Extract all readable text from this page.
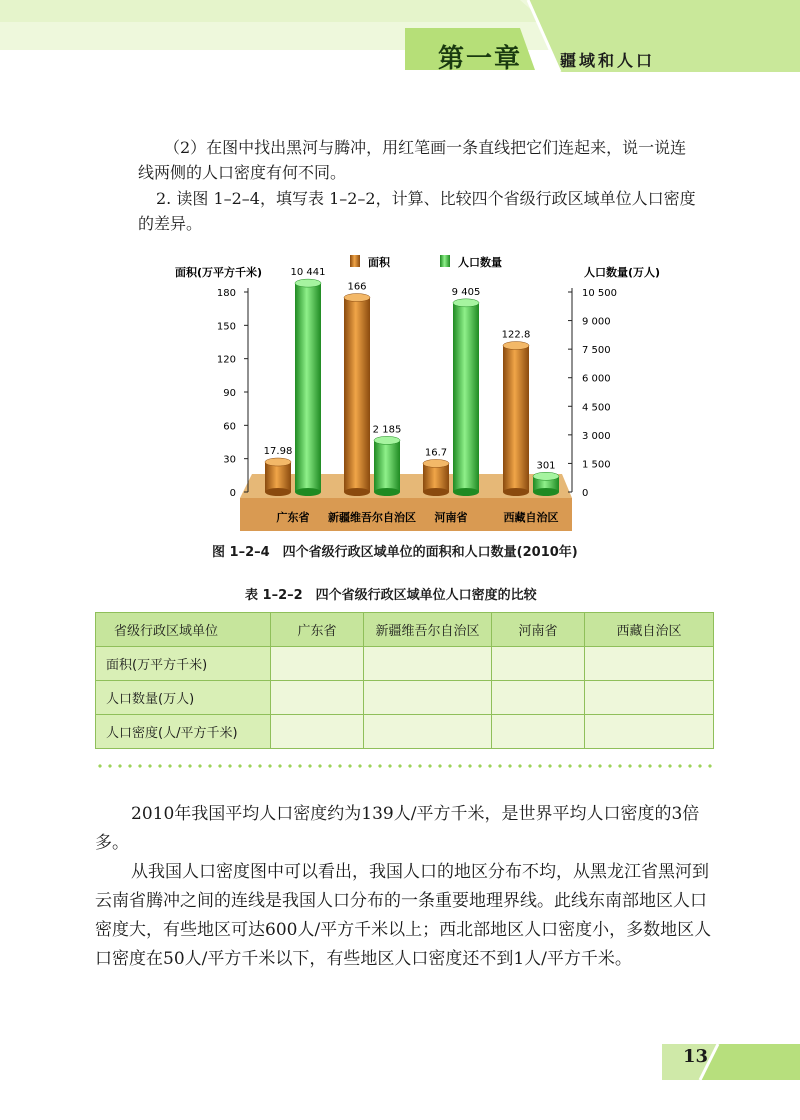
第一章 疆域和人口
（2）在图中找出黑河与腾冲，用红笔画一条直线把它们连起来，说一说连线两侧的人口密度有何不同。
2. 读图 1–2–4，填写表 1–2–2，计算、比较四个省级行政区域单位人口密度的差异。
0
30
60
90
120
150
180
0
1 500
3 000
4 500
6 000
7 500
9 000
10 500
17.98
10 441
166
2 185
16.7
9 405
122.8
301
广东省 新疆维吾尔自治区 河南省	西藏自治区
面积(万平方千米)	人口数量(万人)
面积	人口数量
图 1–2–4　四个省级行政区域单位的面积和人口数量(2010年)
表 1–2–2　四个省级行政区域单位人口密度的比较
省级行政区域单位	广东省	新疆维吾尔自治区	河南省	西藏自治区
面积(万平方千米)				
人口数量(万人)				
人口密度(人/平方千米)				
2010年我国平均人口密度约为139人/平方千米，是世界平均人口密度的3倍多。
从我国人口密度图中可以看出，我国人口的地区分布不均，从黑龙江省黑河到云南省腾冲之间的连线是我国人口分布的一条重要地理界线。此线东南部地区人口密度大，有些地区可达600人/平方千米以上；西北部地区人口密度小，多数地区人口密度在50人/平方千米以下，有些地区人口密度还不到1人/平方千米。
13
